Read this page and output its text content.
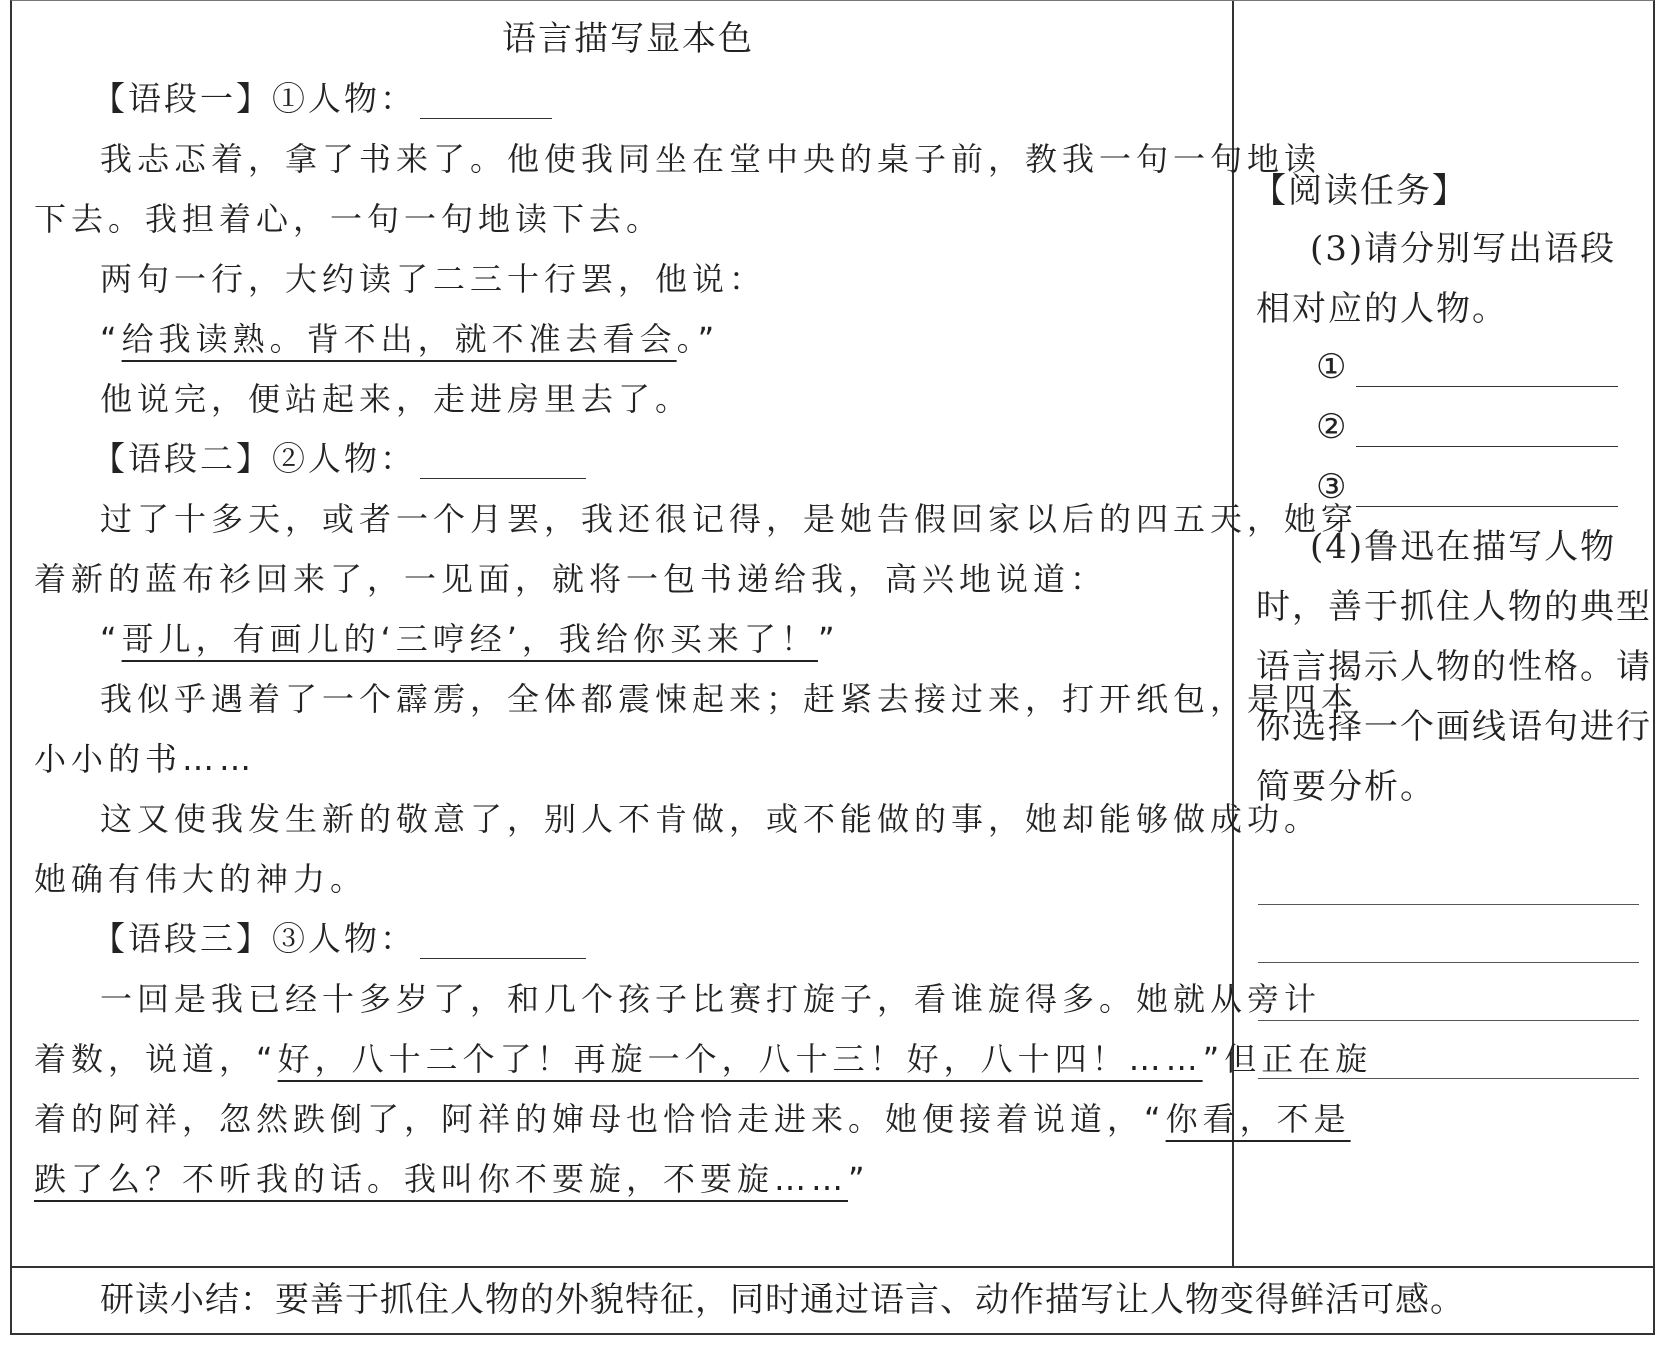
语言描写显本色
【语段一】①人物：
我忐忑着，拿了书来了。他使我同坐在堂中央的桌子前，教我一句一句地读
下去。我担着心，一句一句地读下去。
两句一行，大约读了二三十行罢，他说：
“给我读熟。背不出，就不准去看会。”
他说完，便站起来，走进房里去了。
【语段二】②人物：
过了十多天，或者一个月罢，我还很记得，是她告假回家以后的四五天，她穿
着新的蓝布衫回来了，一见面，就将一包书递给我，高兴地说道：
“哥儿，有画儿的‘三哼经’，我给你买来了！”
我似乎遇着了一个霹雳，全体都震悚起来；赶紧去接过来，打开纸包，是四本
小小的书……
这又使我发生新的敬意了，别人不肯做，或不能做的事，她却能够做成功。
她确有伟大的神力。
【语段三】③人物：
一回是我已经十多岁了，和几个孩子比赛打旋子，看谁旋得多。她就从旁计
着数，说道，“好，八十二个了！再旋一个，八十三！好，八十四！……”但正在旋
着的阿祥，忽然跌倒了，阿祥的婶母也恰恰走进来。她便接着说道，“你看，不是
跌了么？不听我的话。我叫你不要旋，不要旋……”
【阅读任务】
(3)请分别写出语段
相对应的人物。
①
②
③
(4)鲁迅在描写人物
时，善于抓住人物的典型
语言揭示人物的性格。请
你选择一个画线语句进行
简要分析。
研读小结：要善于抓住人物的外貌特征，同时通过语言、动作描写让人物变得鲜活可感。
